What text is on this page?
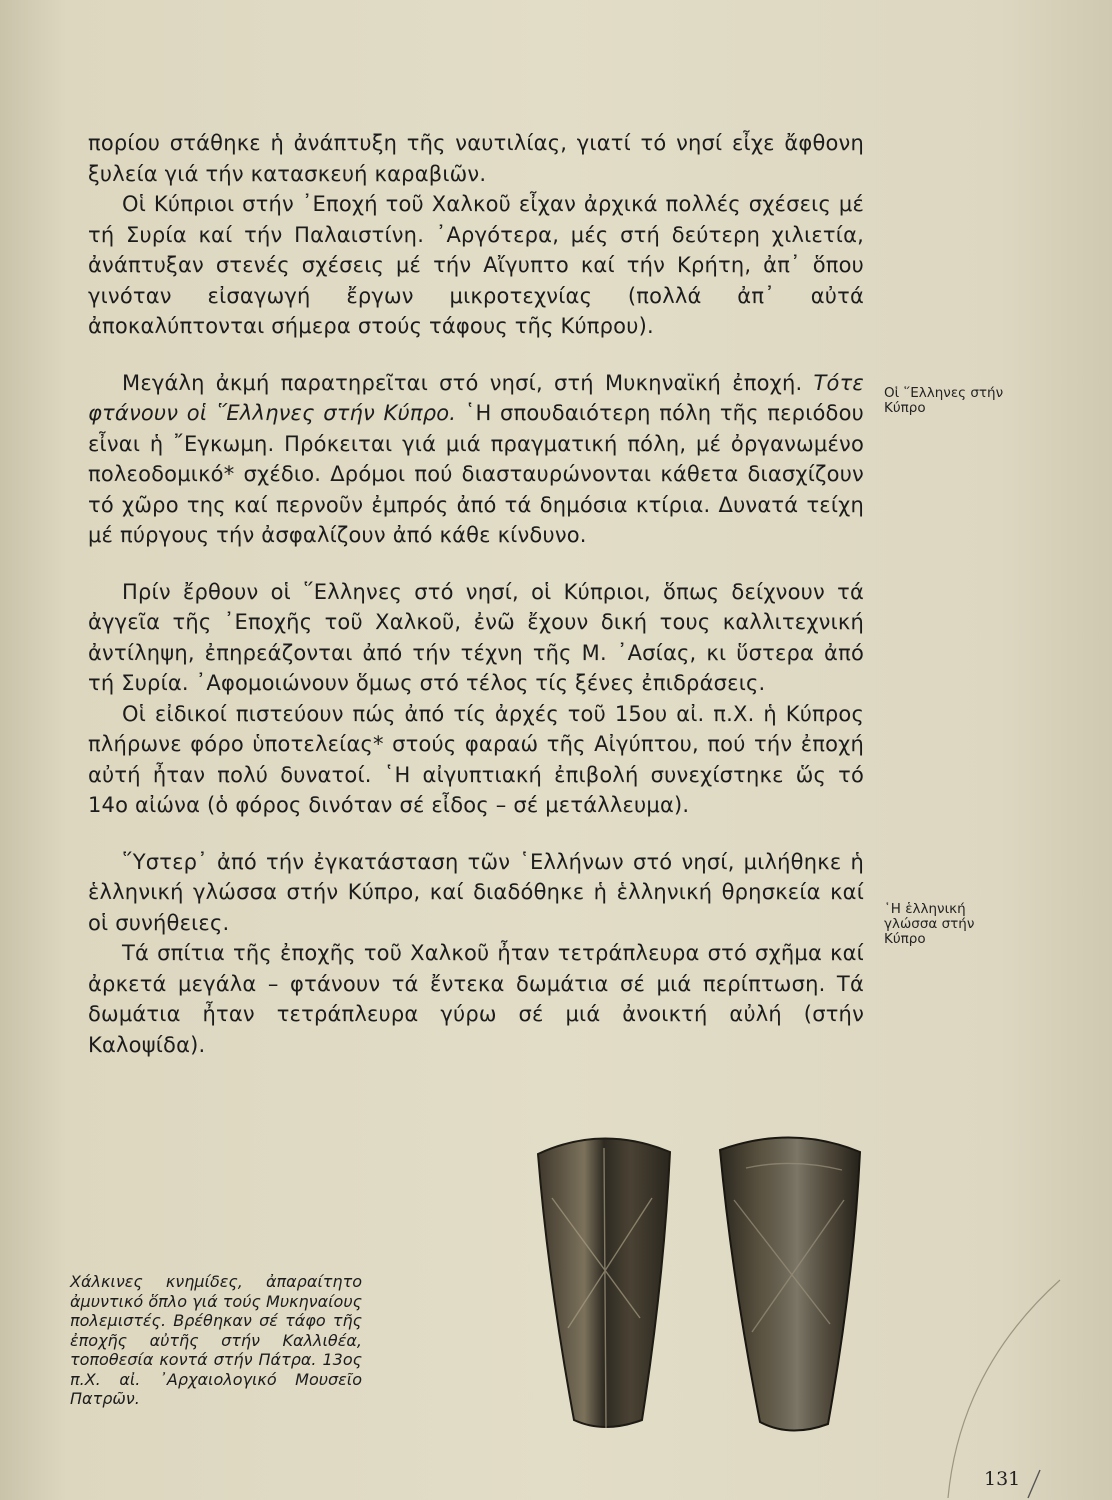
πορίου στάθηκε ἡ ἀνάπτυξη τῆς ναυτιλίας, γιατί τό νησί εἶχε ἄφθονη ξυλεία γιά τήν κατασκευή καραβιῶν.

Οἱ Κύπριοι στήν ᾿Εποχή τοῦ Χαλκοῦ εἶχαν ἀρχικά πολλές σχέσεις μέ τή Συρία καί τήν Παλαιστίνη. ᾿Αργότερα, μές στή δεύτερη χιλιετία, ἀνάπτυξαν στενές σχέσεις μέ τήν Αἴγυπτο καί τήν Κρήτη, ἀπ᾿ ὅπου γινόταν εἰσαγωγή ἔργων μικροτεχνίας (πολλά ἀπ᾿ αὐτά ἀποκαλύπτονται σήμερα στούς τάφους τῆς Κύπρου).

Μεγάλη ἀκμή παρατηρεῖται στό νησί, στή Μυκηναϊκή ἐποχή. Τότε φτάνουν οἱ ῞Ελληνες στήν Κύπρο. ῾Η σπουδαιότερη πόλη τῆς περιόδου εἶναι ἡ ῎Εγκωμη. Πρόκειται γιά μιά πραγματική πόλη, μέ ὀργανωμένο πολεοδομικό* σχέδιο. Δρόμοι πού διασταυρώνονται κάθετα διασχίζουν τό χῶρο της καί περνοῦν ἐμπρός ἀπό τά δημόσια κτίρια. Δυνατά τείχη μέ πύργους τήν ἀσφαλίζουν ἀπό κάθε κίνδυνο.

Πρίν ἔρθουν οἱ ῞Ελληνες στό νησί, οἱ Κύπριοι, ὅπως δείχνουν τά ἀγγεῖα τῆς ᾿Εποχῆς τοῦ Χαλκοῦ, ἐνῶ ἔχουν δική τους καλλιτεχνική ἀντίληψη, ἐπηρεάζονται ἀπό τήν τέχνη τῆς Μ. ᾿Ασίας, κι ὕστερα ἀπό τή Συρία. ᾿Αφομοιώνουν ὅμως στό τέλος τίς ξένες ἐπιδράσεις.

Οἱ εἰδικοί πιστεύουν πώς ἀπό τίς ἀρχές τοῦ 15ου αἰ. π.Χ. ἡ Κύπρος πλήρωνε φόρο ὑποτελείας* στούς φαραώ τῆς Αἰγύπτου, πού τήν ἐποχή αὐτή ἦταν πολύ δυνατοί. ῾Η αἰγυπτιακή ἐπιβολή συνεχίστηκε ὥς τό 14ο αἰώνα (ὁ φόρος δινόταν σέ εἶδος – σέ μετάλλευμα).

῞Υστερ᾿ ἀπό τήν ἐγκατάσταση τῶν ῾Ελλήνων στό νησί, μιλήθηκε ἡ ἑλληνική γλώσσα στήν Κύπρο, καί διαδόθηκε ἡ ἑλληνική θρησκεία καί οἱ συνήθειες.

Τά σπίτια τῆς ἐποχῆς τοῦ Χαλκοῦ ἦταν τετράπλευρα στό σχῆμα καί ἀρκετά μεγάλα – φτάνουν τά ἔντεκα δωμάτια σέ μιά περίπτωση. Τά δωμάτια ἦταν τετράπλευρα γύρω σέ μιά ἀνοικτή αὐλή (στήν Καλοψίδα).

Οἱ ῞Ελληνες στήν Κύπρο
῾Η ἑλληνική γλώσσα στήν Κύπρο
Χάλκινες κνημίδες, ἀπαραίτητο ἀμυντικό ὅπλο γιά τούς Μυκηναίους πολεμιστές. Βρέθηκαν σέ τάφο τῆς ἐποχῆς αὐτῆς στήν Καλλιθέα, τοποθεσία κοντά στήν Πάτρα. 13ος π.Χ. αἰ. ᾿Αρχαιολογικό Μουσεῖο Πατρῶν.
131
